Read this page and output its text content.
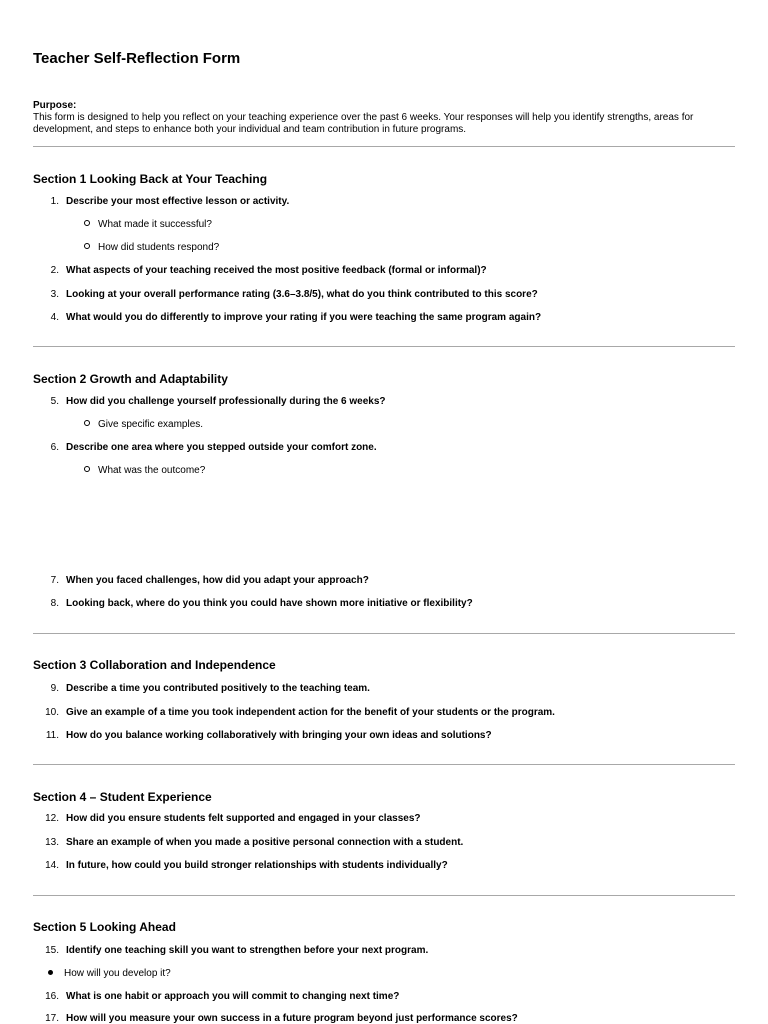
Teacher Self-Reflection Form
Purpose:
This form is designed to help you reflect on your teaching experience over the past 6 weeks. Your responses will help you identify strengths, areas for development, and steps to enhance both your individual and team contribution in future programs.
Section 1 Looking Back at Your Teaching
1. Describe your most effective lesson or activity.
What made it successful?
How did students respond?
2. What aspects of your teaching received the most positive feedback (formal or informal)?
3. Looking at your overall performance rating (3.6–3.8/5), what do you think contributed to this score?
4. What would you do differently to improve your rating if you were teaching the same program again?
Section 2 Growth and Adaptability
5. How did you challenge yourself professionally during the 6 weeks?
Give specific examples.
6. Describe one area where you stepped outside your comfort zone.
What was the outcome?
7. When you faced challenges, how did you adapt your approach?
8. Looking back, where do you think you could have shown more initiative or flexibility?
Section 3 Collaboration and Independence
9. Describe a time you contributed positively to the teaching team.
10. Give an example of a time you took independent action for the benefit of your students or the program.
11. How do you balance working collaboratively with bringing your own ideas and solutions?
Section 4 – Student Experience
12. How did you ensure students felt supported and engaged in your classes?
13. Share an example of when you made a positive personal connection with a student.
14. In future, how could you build stronger relationships with students individually?
Section 5 Looking Ahead
15. Identify one teaching skill you want to strengthen before your next program.
How will you develop it?
16. What is one habit or approach you will commit to changing next time?
17. How will you measure your own success in a future program beyond just performance scores?
